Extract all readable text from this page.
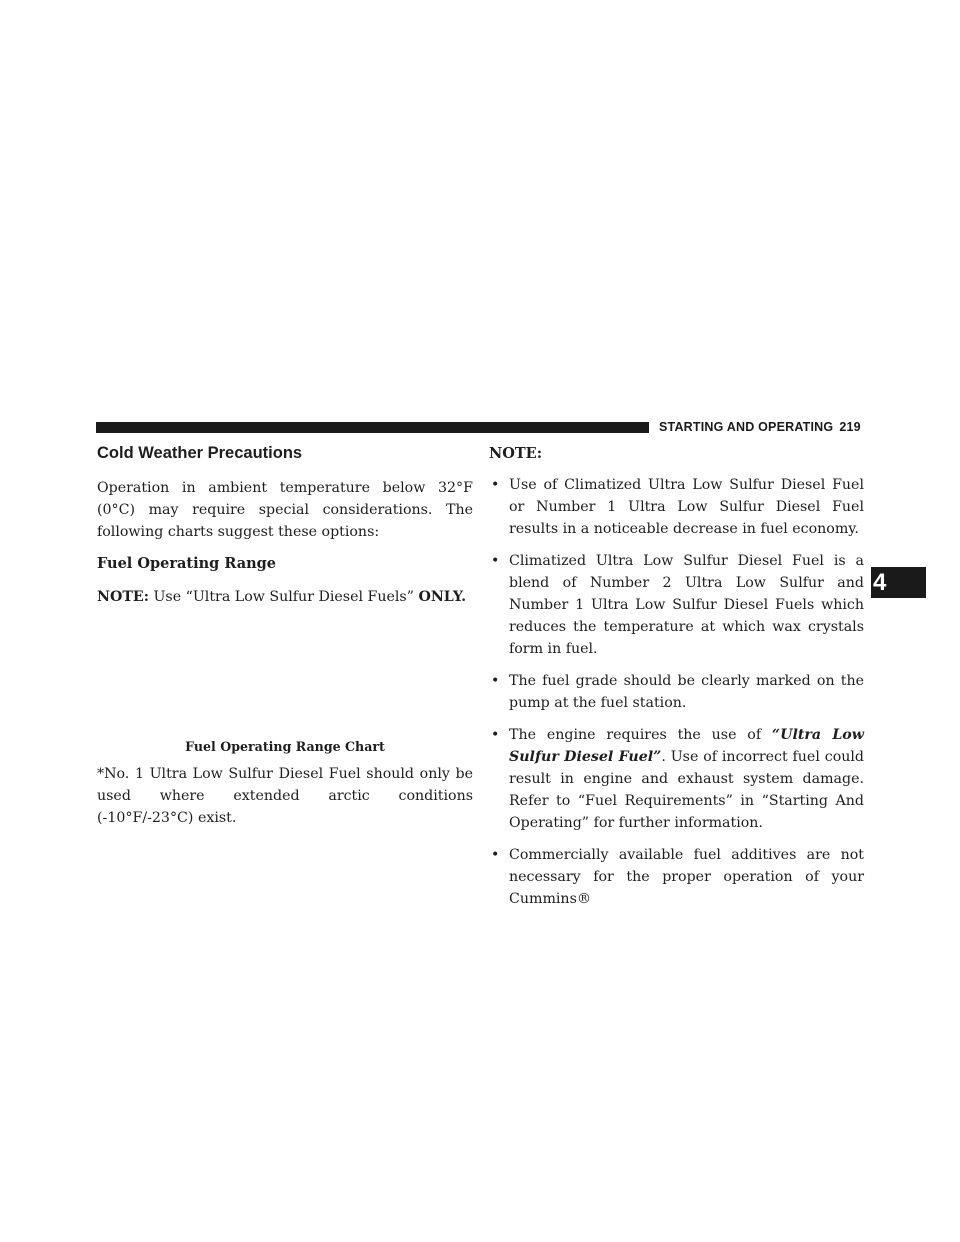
STARTING AND OPERATING 219
4
Cold Weather Precautions

Operation in ambient temperature below 32°F (0°C) may require special considerations. The following charts suggest these options:

Fuel Operating Range
NOTE: Use “Ultra Low Sulfur Diesel Fuels” ONLY.
Fuel Operating Range Chart

*No. 1 Ultra Low Sulfur Diesel Fuel should only be used where extended arctic conditions (-10°F/-23°C) exist.

NOTE:
• Use of Climatized Ultra Low Sulfur Diesel Fuel or Number 1 Ultra Low Sulfur Diesel Fuel results in a noticeable decrease in fuel economy.
• Climatized Ultra Low Sulfur Diesel Fuel is a blend of Number 2 Ultra Low Sulfur and Number 1 Ultra Low Sulfur Diesel Fuels which reduces the temperature at which wax crystals form in fuel.
• The fuel grade should be clearly marked on the pump at the fuel station.
• The engine requires the use of “Ultra Low Sulfur Diesel Fuel”. Use of incorrect fuel could result in engine and exhaust system damage. Refer to “Fuel Requirements” in “Starting And Operating” for further information.
• Commercially available fuel additives are not necessary for the proper operation of your Cummins®
